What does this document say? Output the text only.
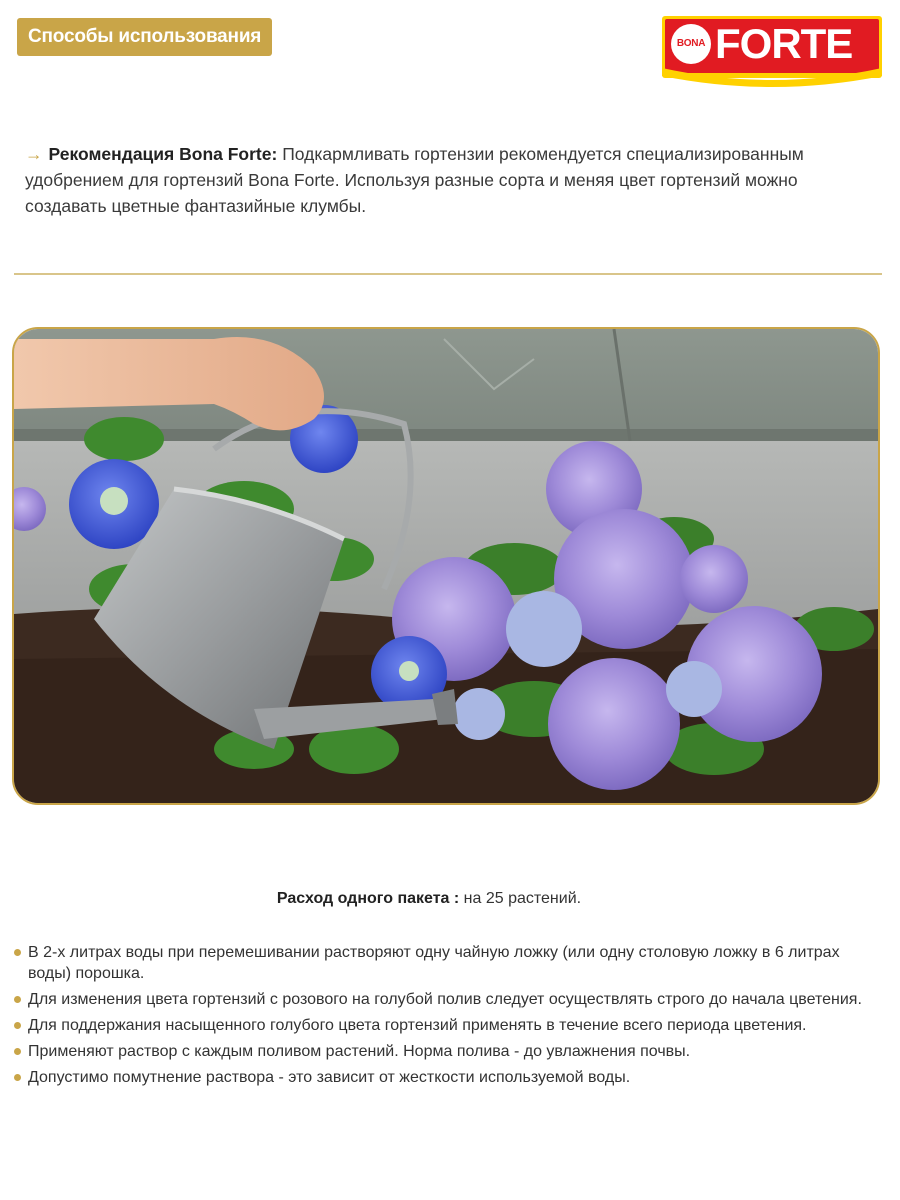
Способы использования	BONA FORTE
→ Рекомендация Bona Forte: Подкармливать гортензии рекомендуется специализированным удобрением для гортензий Bona Forte. Используя разные сорта и меняя цвет гортензий можно создавать цветные фантазийные клумбы.
Расход одного пакета : на 25 растений.
В 2-х литрах воды при перемешивании растворяют одну чайную ложку (или одну столовую ложку в 6 литрах воды) порошка.
Для изменения цвета гортензий с розового на голубой полив следует осуществлять строго до начала цветения.
Для поддержания насыщенного голубого цвета гортензий применять в течение всего периода цветения.
Применяют раствор с каждым поливом растений. Норма полива - до увлажнения почвы.
Допустимо помутнение раствора - это зависит от жесткости используемой воды.
